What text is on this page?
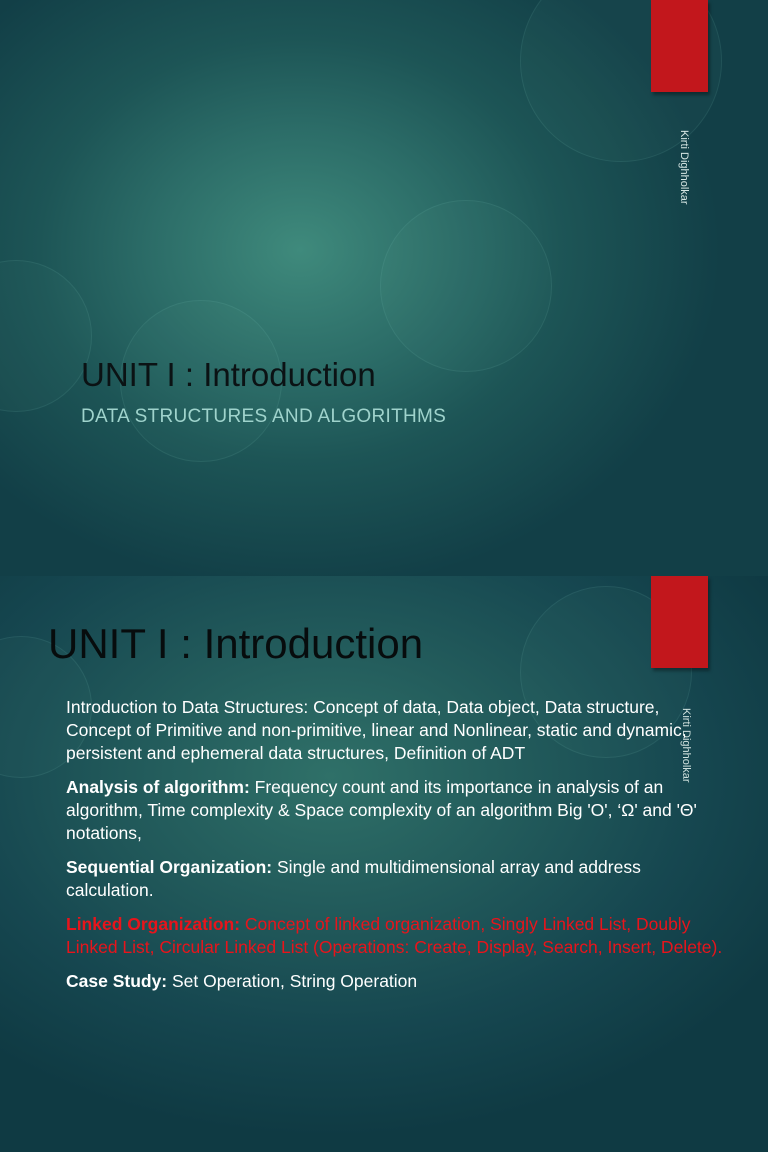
Kirti Dighholkar
UNIT I : Introduction
DATA STRUCTURES AND ALGORITHMS
Kirti Dighholkar
UNIT I : Introduction

Introduction to Data Structures: Concept of data, Data object, Data structure, Concept of Primitive and non-primitive, linear and Nonlinear, static and dynamic, persistent and ephemeral data structures, Definition of ADT

Analysis of algorithm: Frequency count and its importance in analysis of an algorithm, Time complexity & Space complexity of an algorithm Big 'O', ‘Ω' and 'Θ' notations,

Sequential Organization: Single and multidimensional array and address calculation.

Linked Organization: Concept of linked organization, Singly Linked List, Doubly Linked List, Circular Linked List (Operations: Create, Display, Search, Insert, Delete).

Case Study: Set Operation, String Operation
